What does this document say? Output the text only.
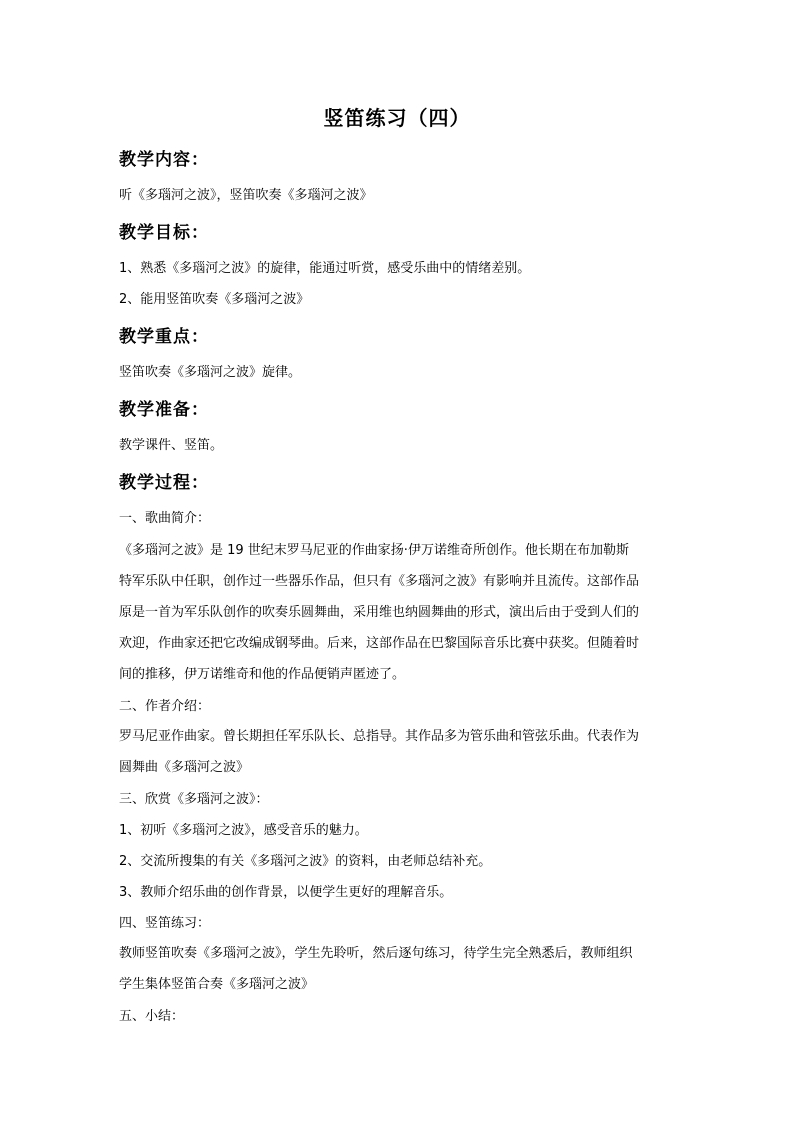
竖笛练习（四）
教学内容：
听《多瑙河之波》，竖笛吹奏《多瑙河之波》
教学目标：
1、熟悉《多瑙河之波》的旋律，能通过听赏，感受乐曲中的情绪差别。
2、能用竖笛吹奏《多瑙河之波》
教学重点：
竖笛吹奏《多瑙河之波》旋律。
教学准备：
教学课件、竖笛。
教学过程：
一、歌曲简介：
《多瑙河之波》是 19 世纪末罗马尼亚的作曲家扬·伊万诺维奇所创作。他长期在布加勒斯
特军乐队中任职，创作过一些器乐作品，但只有《多瑙河之波》有影响并且流传。这部作品
原是一首为军乐队创作的吹奏乐圆舞曲，采用维也纳圆舞曲的形式，演出后由于受到人们的
欢迎，作曲家还把它改编成钢琴曲。后来，这部作品在巴黎国际音乐比赛中获奖。但随着时
间的推移，伊万诺维奇和他的作品便销声匿迹了。
二、作者介绍：
罗马尼亚作曲家。曾长期担任军乐队长、总指导。其作品多为管乐曲和管弦乐曲。代表作为
圆舞曲《多瑙河之波》
三、欣赏《多瑙河之波》：
1、初听《多瑙河之波》，感受音乐的魅力。
2、交流所搜集的有关《多瑙河之波》的资料，由老师总结补充。
3、教师介绍乐曲的创作背景，以便学生更好的理解音乐。
四、竖笛练习：
教师竖笛吹奏《多瑙河之波》，学生先聆听，然后逐句练习，待学生完全熟悉后，教师组织
学生集体竖笛合奏《多瑙河之波》
五、小结：
